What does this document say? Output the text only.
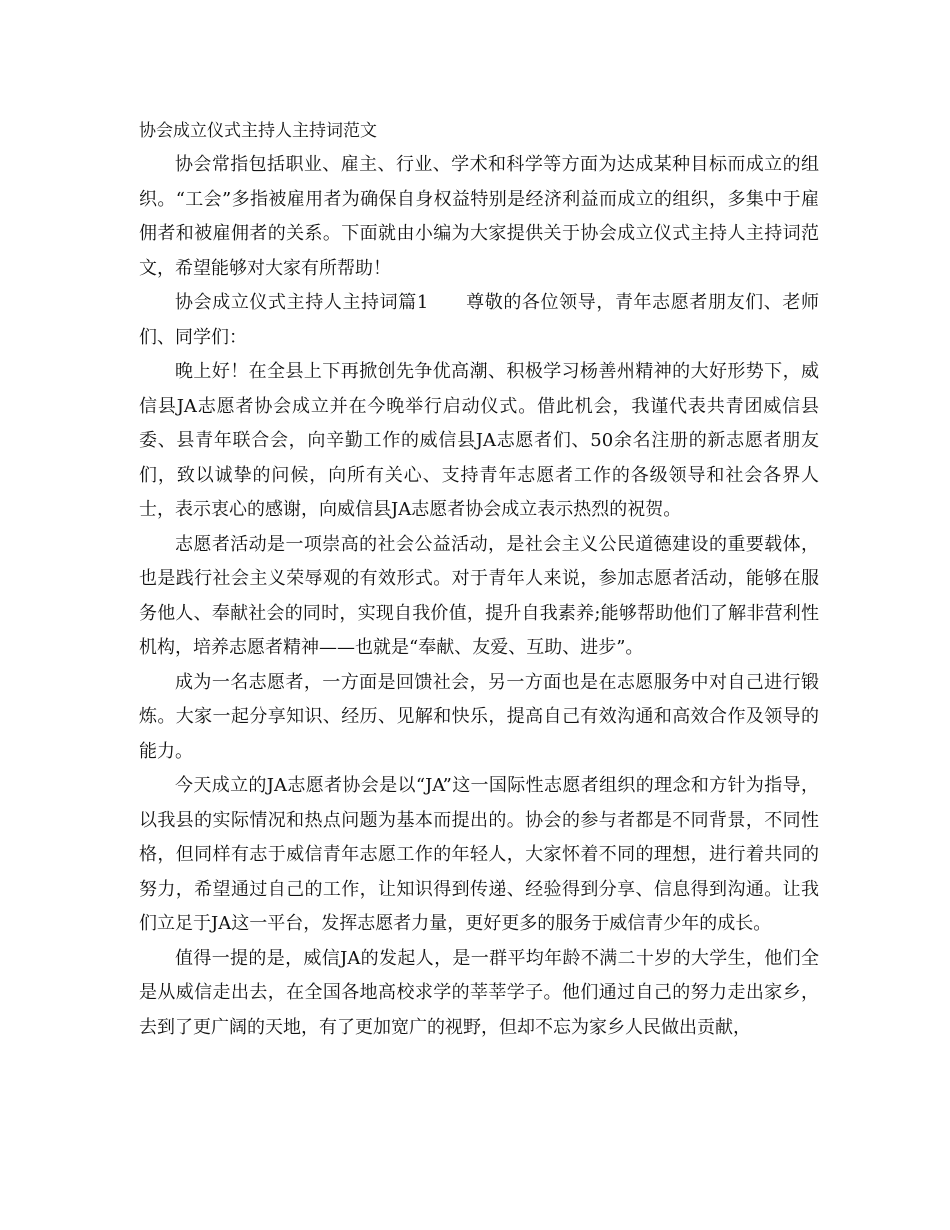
协会成立仪式主持人主持词范文

协会常指包括职业、雇主、行业、学术和科学等方面为达成某种目标而成立的组织。“工会”多指被雇用者为确保自身权益特别是经济利益而成立的组织，多集中于雇佣者和被雇佣者的关系。下面就由小编为大家提供关于协会成立仪式主持人主持词范文，希望能够对大家有所帮助！

协会成立仪式主持人主持词篇1　　尊敬的各位领导，青年志愿者朋友们、老师们、同学们：

晚上好！在全县上下再掀创先争优高潮、积极学习杨善州精神的大好形势下，威信县JA志愿者协会成立并在今晚举行启动仪式。借此机会，我谨代表共青团威信县委、县青年联合会，向辛勤工作的威信县JA志愿者们、50余名注册的新志愿者朋友们，致以诚挚的问候，向所有关心、支持青年志愿者工作的各级领导和社会各界人士，表示衷心的感谢，向威信县JA志愿者协会成立表示热烈的祝贺。

志愿者活动是一项崇高的社会公益活动，是社会主义公民道德建设的重要载体，也是践行社会主义荣辱观的有效形式。对于青年人来说，参加志愿者活动，能够在服务他人、奉献社会的同时，实现自我价值，提升自我素养;能够帮助他们了解非营利性机构，培养志愿者精神——也就是“奉献、友爱、互助、进步”。

成为一名志愿者，一方面是回馈社会，另一方面也是在志愿服务中对自己进行锻炼。大家一起分享知识、经历、见解和快乐，提高自己有效沟通和高效合作及领导的能力。

今天成立的JA志愿者协会是以“JA”这一国际性志愿者组织的理念和方针为指导，以我县的实际情况和热点问题为基本而提出的。协会的参与者都是不同背景，不同性格，但同样有志于威信青年志愿工作的年轻人，大家怀着不同的理想，进行着共同的努力，希望通过自己的工作，让知识得到传递、经验得到分享、信息得到沟通。让我们立足于JA这一平台，发挥志愿者力量，更好更多的服务于威信青少年的成长。

值得一提的是，威信JA的发起人，是一群平均年龄不满二十岁的大学生，他们全是从威信走出去，在全国各地高校求学的莘莘学子。他们通过自己的努力走出家乡，去到了更广阔的天地，有了更加宽广的视野，但却不忘为家乡人民做出贡献，
